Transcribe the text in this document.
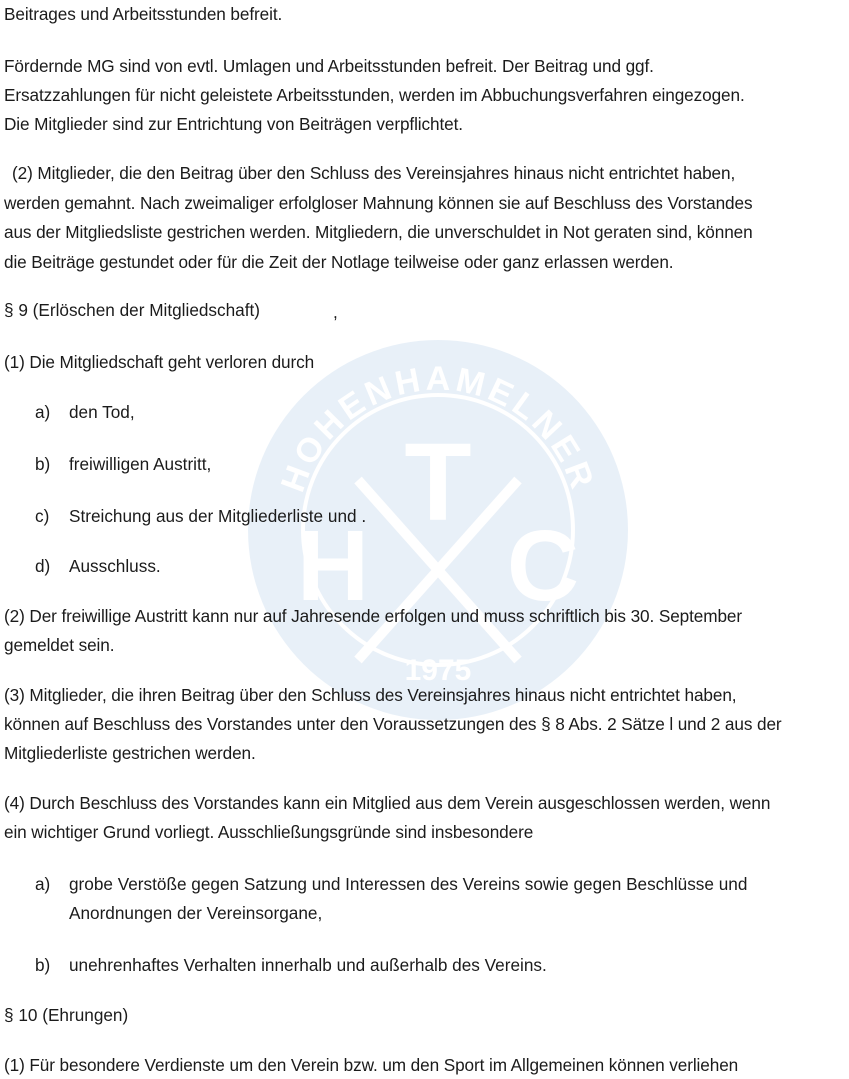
HOHENHAMELNER
T
H C
1975
Beitrages und Arbeitsstunden befreit.
Fördernde MG sind von evtl. Umlagen und Arbeitsstunden befreit. Der Beitrag und ggf.
Ersatzzahlungen für nicht geleistete Arbeitsstunden, werden im Abbuchungsverfahren eingezogen.
Die Mitglieder sind zur Entrichtung von Beiträgen verpflichtet.
(2) Mitglieder, die den Beitrag über den Schluss des Vereinsjahres hinaus nicht entrichtet haben,
werden gemahnt. Nach zweimaliger erfolgloser Mahnung können sie auf Beschluss des Vorstandes
aus der Mitgliedsliste gestrichen werden. Mitgliedern, die unverschuldet in Not geraten sind, können
die Beiträge gestundet oder für die Zeit der Notlage teilweise oder ganz erlassen werden.
§ 9 (Erlöschen der Mitgliedschaft)	,
(1) Die Mitgliedschaft geht verloren durch
a) den Tod,
b) freiwilligen Austritt,
c) Streichung aus der Mitgliederliste und .
d) Ausschluss.
(2) Der freiwillige Austritt kann nur auf Jahresende erfolgen und muss schriftlich bis 30. September
gemeldet sein.
(3) Mitglieder, die ihren Beitrag über den Schluss des Vereinsjahres hinaus nicht entrichtet haben,
können auf Beschluss des Vorstandes unter den Voraussetzungen des § 8 Abs. 2 Sätze l und 2 aus der
Mitgliederliste gestrichen werden.
(4) Durch Beschluss des Vorstandes kann ein Mitglied aus dem Verein ausgeschlossen werden, wenn
ein wichtiger Grund vorliegt. Ausschließungsgründe sind insbesondere
a) grobe Verstöße gegen Satzung und Interessen des Vereins sowie gegen Beschlüsse und
Anordnungen der Vereinsorgane,
b) unehrenhaftes Verhalten innerhalb und außerhalb des Vereins.
§ 10 (Ehrungen)
(1) Für besondere Verdienste um den Verein bzw. um den Sport im Allgemeinen können verliehen
